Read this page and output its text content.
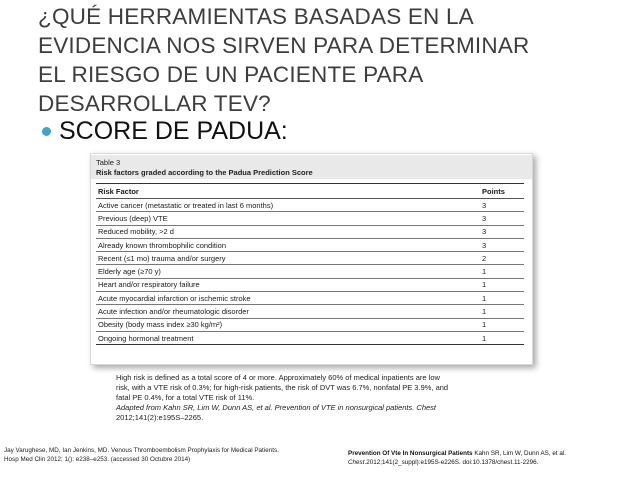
¿QUÉ HERRAMIENTAS BASADAS EN LA
EVIDENCIA NOS SIRVEN PARA DETERMINAR
EL RIESGO DE UN PACIENTE PARA
DESARROLLAR TEV?
SCORE DE PADUA:
Table 3
Risk factors graded according to the Padua Prediction Score
Risk Factor	Points
Active cancer (metastatic or treated in last 6 months)	3
Previous (deep) VTE	3
Reduced mobility, >2 d	3
Already known thrombophilic condition	3
Recent (≤1 mo) trauma and/or surgery	2
Elderly age (≥70 y)	1
Heart and/or respiratory failure	1
Acute myocardial infarction or ischemic stroke	1
Acute infection and/or rheumatologic disorder	1
Obesity (body mass index ≥30 kg/m²)	1
Ongoing hormonal treatment	1
High risk is defined as a total score of 4 or more. Approximately 60% of medical inpatients are low
risk, with a VTE risk of 0.3%; for high-risk patients, the risk of DVT was 6.7%, nonfatal PE 3.9%, and
fatal PE 0.4%, for a total VTE risk of 11%.
Adapted from Kahn SR, Lim W, Dunn AS, et al. Prevention of VTE in nonsurgical patients. Chest
2012;141(2):e195S–2265.
Jay Varughese, MD, Ian Jenkins, MD. Venous Thromboembolism Prophylaxis for Medical Patients.
Hosp Med Clin 2012; 1(): e238–e253. (accessed 30 Octubre 2014)
Prevention Of Vte In Nonsurgical Patients Kahn SR, Lim W, Dunn AS, et al.
Chest.2012;141(2_suppl):e195S-e226S. doi:10.1378/chest.11-2296.
